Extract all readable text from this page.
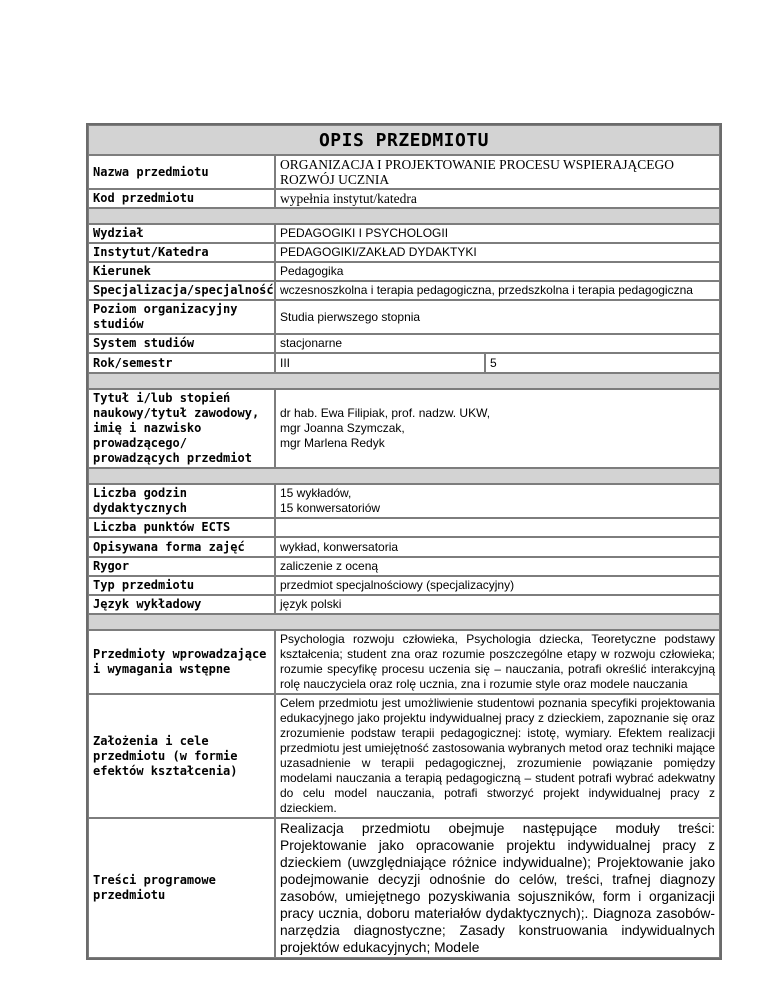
OPIS PRZEDMIOTU		
Nazwa przedmiotu	ORGANIZACJA I PROJEKTOWANIE PROCESU WSPIERAJĄCEGO ROZWÓJ UCZNIA	
Kod przedmiotu	wypełnia instytut/katedra	

Wydział	PEDAGOGIKI I PSYCHOLOGII	
Instytut/Katedra	PEDAGOGIKI/ZAKŁAD DYDAKTYKI	
Kierunek	Pedagogika	
Specjalizacja/specjalność	wczesnoszkolna i terapia pedagogiczna, przedszkolna i terapia pedagogiczna	
Poziom organizacyjny studiów	Studia pierwszego stopnia	
System studiów	stacjonarne	
Rok/semestr	III	5

Tytuł i/lub stopień naukowy/tytuł zawodowy, imię i nazwisko prowadzącego/ prowadzących przedmiot	dr hab. Ewa Filipiak, prof. nadzw. UKW,
mgr Joanna Szymczak,
mgr Marlena Redyk	

Liczba godzin dydaktycznych	15 wykładów,
15 konwersatoriów	

Liczba punktów ECTS		
Opisywana forma zajęć	wykład, konwersatoria	
Rygor	zaliczenie z oceną	
Typ przedmiotu	przedmiot specjalnościowy (specjalizacyjny)	
Język wykładowy	język polski	

Przedmioty wprowadzające i wymagania wstępne	Psychologia rozwoju człowieka, Psychologia dziecka, Teoretyczne podstawy kształcenia; student zna oraz rozumie poszczególne etapy w rozwoju człowieka; rozumie specyfikę procesu uczenia się – nauczania, potrafi określić interakcyjną rolę nauczyciela oraz rolę ucznia, zna i rozumie style oraz modele nauczania	
Założenia i cele przedmiotu (w formie efektów kształcenia)	Celem przedmiotu jest umożliwienie studentowi poznania specyfiki projektowania edukacyjnego jako projektu indywidualnej pracy z dzieckiem, zapoznanie się oraz zrozumienie podstaw terapii pedagogicznej: istotę, wymiary. Efektem realizacji przedmiotu jest umiejętność zastosowania wybranych metod oraz techniki mające uzasadnienie w terapii pedagogicznej, zrozumienie powiązanie pomiędzy modelami nauczania a terapią pedagogiczną – student potrafi wybrać adekwatny do celu model nauczania, potrafi stworzyć projekt indywidualnej pracy z dzieckiem.	
Treści programowe przedmiotu	Realizacja przedmiotu obejmuje następujące moduły treści: Projektowanie jako opracowanie projektu indywidualnej pracy z dzieckiem (uwzględniające różnice indywidualne); Projektowanie jako podejmowanie decyzji odnośnie do celów, treści, trafnej diagnozy zasobów, umiejętnego pozyskiwania sojuszników, form i organizacji pracy ucznia, doboru materiałów dydaktycznych);. Diagnoza zasobów-narzędzia diagnostyczne; Zasady konstruowania indywidualnych projektów edukacyjnych; Modele	
